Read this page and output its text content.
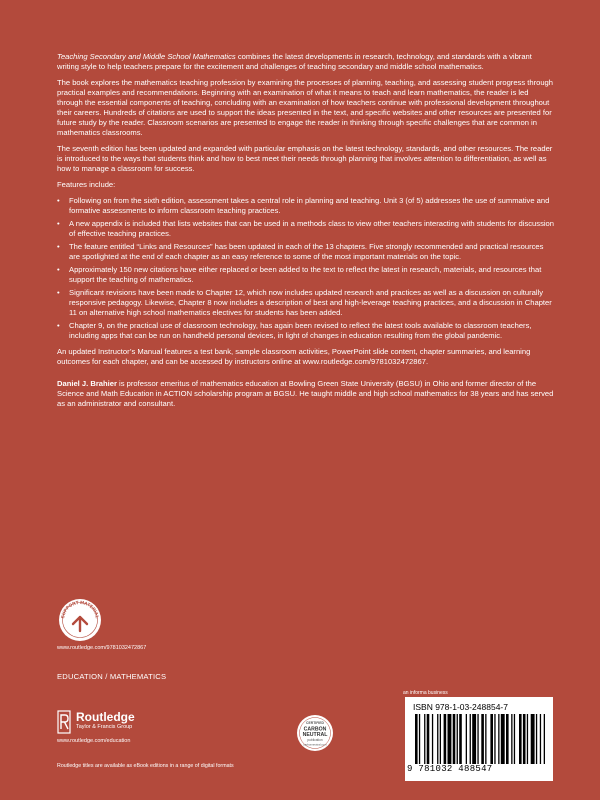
Teaching Secondary and Middle School Mathematics combines the latest developments in research, technology, and standards with a vibrant writing style to help teachers prepare for the excitement and challenges of teaching secondary and middle school mathematics.

The book explores the mathematics teaching profession by examining the processes of planning, teaching, and assessing student progress through practical examples and recommendations. Beginning with an examination of what it means to teach and learn mathematics, the reader is led through the essential components of teaching, concluding with an examination of how teachers continue with professional development throughout their careers. Hundreds of citations are used to support the ideas presented in the text, and specific websites and other resources are presented for future study by the reader. Classroom scenarios are presented to engage the reader in thinking through specific challenges that are common in mathematics classrooms.

The seventh edition has been updated and expanded with particular emphasis on the latest technology, standards, and other resources. The reader is introduced to the ways that students think and how to best meet their needs through planning that involves attention to differentiation, as well as how to manage a classroom for success.

Features include:

• Following on from the sixth edition, assessment takes a central role in planning and teaching. Unit 3 (of 5) addresses the use of summative and formative assessments to inform classroom teaching practices.
• A new appendix is included that lists websites that can be used in a methods class to view other teachers interacting with students for discussion of effective teaching practices.
• The feature entitled “Links and Resources” has been updated in each of the 13 chapters. Five strongly recommended and practical resources are spotlighted at the end of each chapter as an easy reference to some of the most important materials on the topic.
• Approximately 150 new citations have either replaced or been added to the text to reflect the latest in research, materials, and resources that support the teaching of mathematics.
• Significant revisions have been made to Chapter 12, which now includes updated research and practices as well as a discussion on culturally responsive pedagogy. Likewise, Chapter 8 now includes a description of best and high-leverage teaching practices, and a discussion in Chapter 11 on alternative high school mathematics electives for students has been added.
• Chapter 9, on the practical use of classroom technology, has again been revised to reflect the latest tools available to classroom teachers, including apps that can be run on handheld personal devices, in light of changes in education resulting from the global pandemic.

An updated Instructor’s Manual features a test bank, sample classroom activities, PowerPoint slide content, chapter summaries, and learning outcomes for each chapter, and can be accessed by instructors online at www.routledge.com/9781032472867.

Daniel J. Brahier is professor emeritus of mathematics education at Bowling Green State University (BGSU) in Ohio and former director of the Science and Math Education in ACTION scholarship program at BGSU. He taught middle and high school mathematics for 38 years and has served as an administrator and consultant.

SUPPORT MATERIAL
www.routledge.com/9781032472867
EDUCATION / MATHEMATICS
Routledge
Taylor & Francis Group
www.routledge.com/education
Routledge titles are available as eBook editions in a range of digital formats
CERTIFIED
CARBON
NEUTRAL
publication
carbonneutral.com
an informa business
ISBN 978-1-03-248854-7
9 781032 488547
